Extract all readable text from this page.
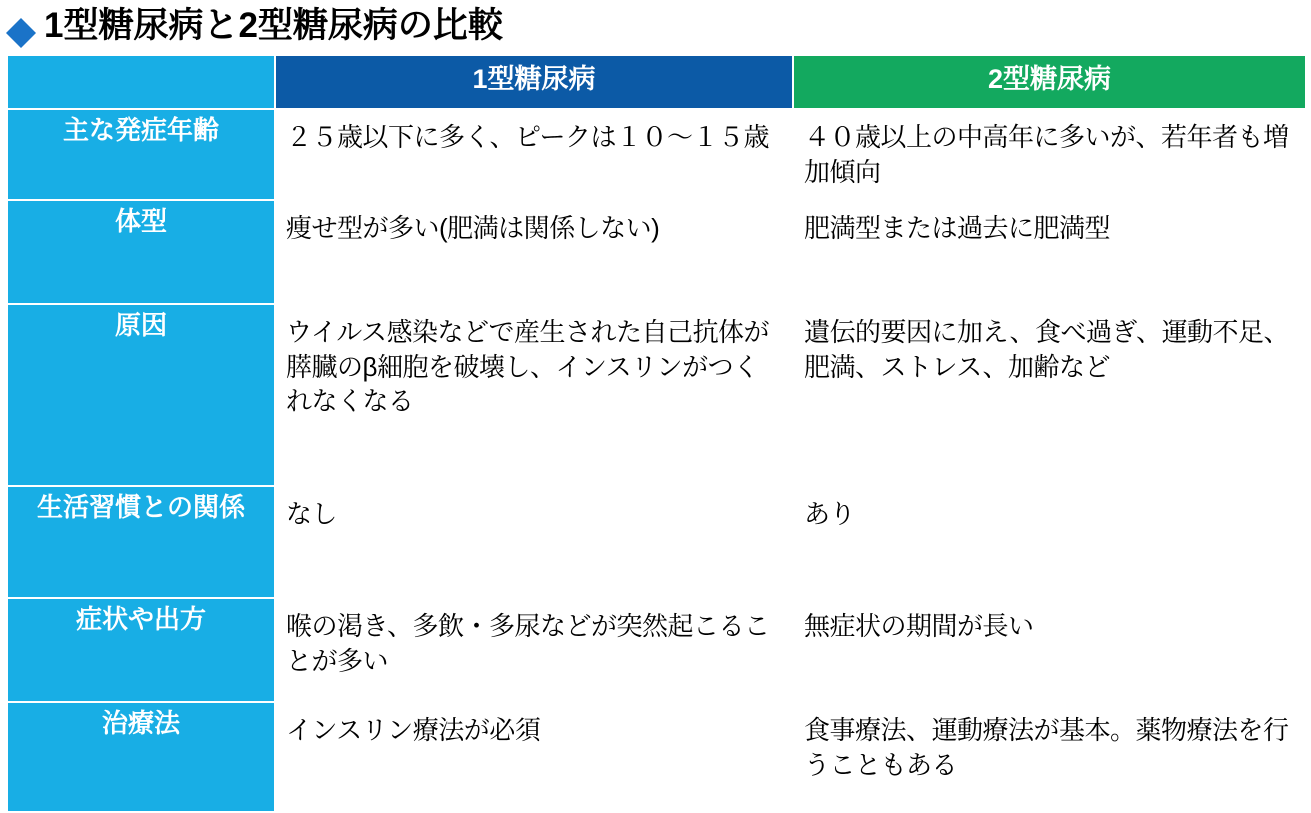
1型糖尿病と2型糖尿病の比較
	1型糖尿病	2型糖尿病
主な発症年齢	２５歳以下に多く、ピークは１０〜１５歳	４０歳以上の中高年に多いが、若年者も増加傾向
体型	痩せ型が多い(肥満は関係しない)	肥満型または過去に肥満型
原因	ウイルス感染などで産生された自己抗体が膵臓のβ細胞を破壊し、インスリンがつくれなくなる	遺伝的要因に加え、食べ過ぎ、運動不足、肥満、ストレス、加齢など
生活習慣との関係	なし	あり
症状や出方	喉の渇き、多飲・多尿などが突然起こることが多い	無症状の期間が長い
治療法	インスリン療法が必須	食事療法、運動療法が基本。薬物療法を行うこともある
